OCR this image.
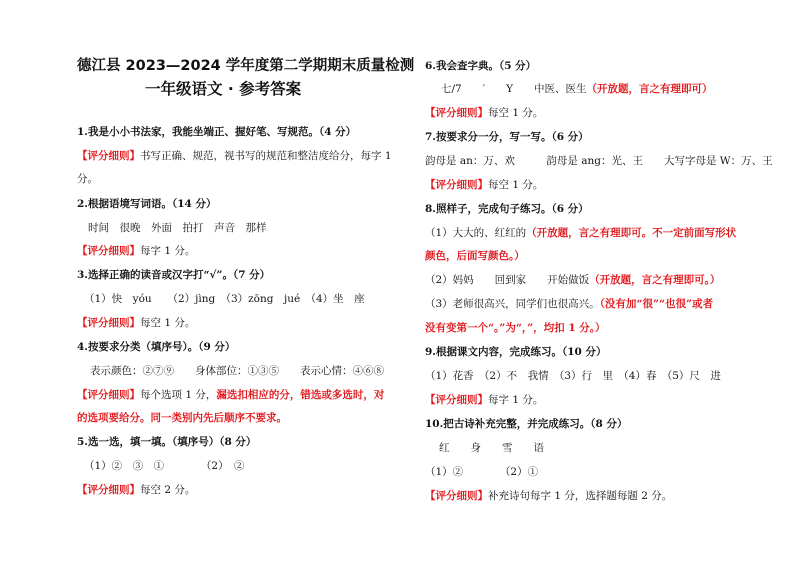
德江县 2023—2024 学年度第二学期期末质量检测
一年级语文 · 参考答案
1.我是小小书法家，我能坐端正、握好笔、写规范。（4 分）
【评分细则】书写正确、规范，视书写的规范和整洁度给分，每字 1
分。
2.根据语境写词语。（14 分）
时间　很晚　外面　拍打　声音　那样
【评分细则】每字 1 分。
3.选择正确的读音或汉字打“√”。（7 分）
（1）快　yóu　　（2）jìng　（3）zōng　jué　（4）坐　座
【评分细则】每空 1 分。
4.按要求分类（填序号）。（9 分）
表示颜色：②⑦⑨　　身体部位：①③⑤　　表示心情：④⑥⑧
【评分细则】每个选项 1 分，漏选扣相应的分，错选或多选时，对
的选项要给分。同一类别内先后顺序不要求。
5.选一选，填一填。（填序号）（8 分）
（1）②　③　①　　　　（2）　②
【评分细则】每空 2 分。
6.我会查字典。（5 分）
七/7　　′　　Y　　中医、医生（开放题，言之有理即可）
【评分细则】每空 1 分。
7.按要求分一分，写一写。（6 分）
韵母是 an：万、欢　　　韵母是 ang：光、王　　大写字母是 W：万、王
【评分细则】每空 1 分。
8.照样子，完成句子练习。（6 分）
（1）大大的、红红的（开放题，言之有理即可。不一定前面写形状
颜色，后面写颜色。）
（2）妈妈　　回到家　　开始做饭（开放题，言之有理即可。）
（3）老师很高兴，同学们也很高兴。（没有加“很”“也很”或者
没有变第一个“。”为“，”，均扣 1 分。）
9.根据课文内容，完成练习。（10 分）
（1）花香　（2）不　我情　（3）行　里　（4）春　（5）尺　进
【评分细则】每字 1 分。
10.把古诗补充完整，并完成练习。（8 分）
红　　身　　雪　　语
（1）②　　　　（2）①
【评分细则】补充诗句每字 1 分，选择题每题 2 分。
